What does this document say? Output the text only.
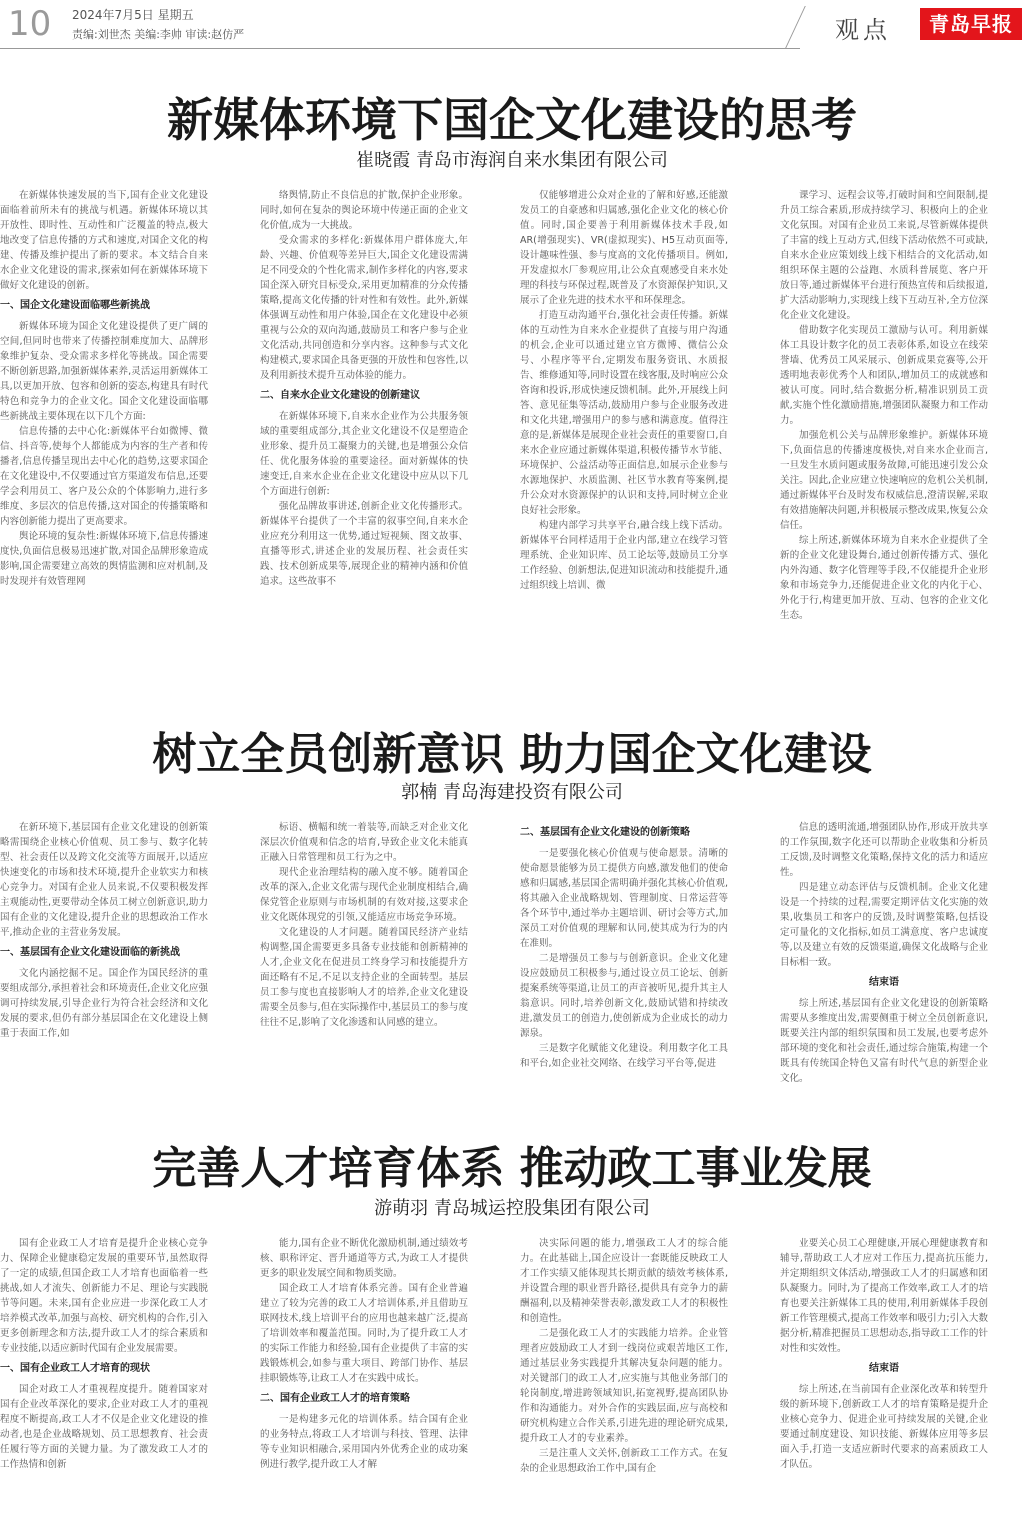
10 2024年7月5日 星期五
责编:刘世杰 美编:李帅 审读:赵仿严	观点	青岛早报
新媒体环境下国企文化建设的思考
崔晓霞 青岛市海润自来水集团有限公司

在新媒体快速发展的当下,国有企业文化建设面临着前所未有的挑战与机遇。新媒体环境以其开放性、即时性、互动性和广泛覆盖的特点,极大地改变了信息传播的方式和速度,对国企文化的构建、传播及维护提出了新的要求。本文结合自来水企业文化建设的需求,探索如何在新媒体环境下做好文化建设的创新。

一、国企文化建设面临哪些新挑战

新媒体环境为国企文化建设提供了更广阔的空间,但同时也带来了传播控制难度加大、品牌形象维护复杂、受众需求多样化等挑战。国企需要不断创新思路,加强新媒体素养,灵活运用新媒体工具,以更加开放、包容和创新的姿态,构建具有时代特色和竞争力的企业文化。国企文化建设面临哪些新挑战主要体现在以下几个方面:

信息传播的去中心化:新媒体平台如微博、微信、抖音等,使每个人都能成为内容的生产者和传播者,信息传播呈现出去中心化的趋势,这要求国企在文化建设中,不仅要通过官方渠道发布信息,还要学会利用员工、客户及公众的个体影响力,进行多维度、多层次的信息传播,这对国企的传播策略和内容创新能力提出了更高要求。

舆论环境的复杂性:新媒体环境下,信息传播速度快,负面信息极易迅速扩散,对国企品牌形象造成影响,国企需要建立高效的舆情监测和应对机制,及时发现并有效管理网

络舆情,防止不良信息的扩散,保护企业形象。同时,如何在复杂的舆论环境中传递正面的企业文化价值,成为一大挑战。

受众需求的多样化:新媒体用户群体庞大,年龄、兴趣、价值观等差异巨大,国企文化建设需满足不同受众的个性化需求,制作多样化的内容,要求国企深入研究目标受众,采用更加精准的分众传播策略,提高文化传播的针对性和有效性。此外,新媒体强调互动性和用户体验,国企在文化建设中必须重视与公众的双向沟通,鼓励员工和客户参与企业文化活动,共同创造和分享内容。这种参与式文化构建模式,要求国企具备更强的开放性和包容性,以及利用新技术提升互动体验的能力。

二、自来水企业文化建设的创新建议

在新媒体环境下,自来水企业作为公共服务领域的重要组成部分,其企业文化建设不仅是塑造企业形象、提升员工凝聚力的关键,也是增强公众信任、优化服务体验的重要途径。面对新媒体的快速变迁,自来水企业在企业文化建设中应从以下几个方面进行创新:

强化品牌故事讲述,创新企业文化传播形式。新媒体平台提供了一个丰富的叙事空间,自来水企业应充分利用这一优势,通过短视频、图文故事、直播等形式,讲述企业的发展历程、社会责任实践、技术创新成果等,展现企业的精神内涵和价值追求。这些故事不

仅能够增进公众对企业的了解和好感,还能激发员工的自豪感和归属感,强化企业文化的核心价值。同时,国企要善于利用新媒体技术手段,如AR(增强现实)、VR(虚拟现实)、H5互动页面等,设计趣味性强、参与度高的文化传播项目。例如,开发虚拟水厂参观应用,让公众直观感受自来水处理的科技与环保过程,既普及了水资源保护知识,又展示了企业先进的技术水平和环保理念。

打造互动沟通平台,强化社会责任传播。新媒体的互动性为自来水企业提供了直接与用户沟通的机会,企业可以通过建立官方微博、微信公众号、小程序等平台,定期发布服务资讯、水质报告、维修通知等,同时设置在线客服,及时响应公众咨询和投诉,形成快速反馈机制。此外,开展线上问答、意见征集等活动,鼓励用户参与企业服务改进和文化共建,增强用户的参与感和满意度。值得注意的是,新媒体是展现企业社会责任的重要窗口,自来水企业应通过新媒体渠道,积极传播节水节能、环境保护、公益活动等正面信息,如展示企业参与水源地保护、水质监测、社区节水教育等案例,提升公众对水资源保护的认识和支持,同时树立企业良好社会形象。

构建内部学习共享平台,融合线上线下活动。新媒体平台同样适用于企业内部,建立在线学习管理系统、企业知识库、员工论坛等,鼓励员工分享工作经验、创新想法,促进知识流动和技能提升,通过组织线上培训、微

课学习、远程会议等,打破时间和空间限制,提升员工综合素质,形成持续学习、积极向上的企业文化氛围。对国有企业员工来说,尽管新媒体提供了丰富的线上互动方式,但线下活动依然不可或缺,自来水企业应策划线上线下相结合的文化活动,如组织环保主题的公益跑、水质科普展览、客户开放日等,通过新媒体平台进行预热宣传和后续报道,扩大活动影响力,实现线上线下互动互补,全方位深化企业文化建设。

借助数字化实现员工激励与认可。利用新媒体工具设计数字化的员工表彰体系,如设立在线荣誉墙、优秀员工风采展示、创新成果竞赛等,公开透明地表彰优秀个人和团队,增加员工的成就感和被认可度。同时,结合数据分析,精准识别员工贡献,实施个性化激励措施,增强团队凝聚力和工作动力。

加强危机公关与品牌形象维护。新媒体环境下,负面信息的传播速度极快,对自来水企业而言,一旦发生水质问题或服务故障,可能迅速引发公众关注。因此,企业应建立快速响应的危机公关机制,通过新媒体平台及时发布权威信息,澄清误解,采取有效措施解决问题,并积极展示整改成果,恢复公众信任。

综上所述,新媒体环境为自来水企业提供了全新的企业文化建设舞台,通过创新传播方式、强化内外沟通、数字化管理等手段,不仅能提升企业形象和市场竞争力,还能促进企业文化的内化于心、外化于行,构建更加开放、互动、包容的企业文化生态。

树立全员创新意识 助力国企文化建设
郭楠 青岛海建投资有限公司

在新环境下,基层国有企业文化建设的创新策略需围绕企业核心价值观、员工参与、数字化转型、社会责任以及跨文化交流等方面展开,以适应快速变化的市场和技术环境,提升企业软实力和核心竞争力。对国有企业人员来说,不仅要积极发挥主观能动性,更要带动全体员工树立创新意识,助力国有企业的文化建设,提升企业的思想政治工作水平,推动企业的主营业务发展。

一、基层国有企业文化建设面临的新挑战

文化内涵挖掘不足。国企作为国民经济的重要组成部分,承担着社会和环境责任,企业文化应强调可持续发展,引导企业行为符合社会经济和文化发展的要求,但仍有部分基层国企在文化建设上侧重于表面工作,如

标语、横幅和统一着装等,而缺乏对企业文化深层次价值观和信念的培育,导致企业文化未能真正融入日常管理和员工行为之中。

现代企业治理结构的融入度不够。随着国企改革的深入,企业文化需与现代企业制度相结合,确保党管企业原则与市场机制的有效对接,这要求企业文化既体现党的引领,又能适应市场竞争环境。

文化建设的人才问题。随着国民经济产业结构调整,国企需要更多具备专业技能和创新精神的人才,企业文化在促进员工终身学习和技能提升方面还略有不足,不足以支持企业的全面转型。基层员工参与度也直接影响人才的培养,企业文化建设需要全员参与,但在实际操作中,基层员工的参与度往往不足,影响了文化渗透和认同感的建立。

二、基层国有企业文化建设的创新策略

一是要强化核心价值观与使命愿景。清晰的使命愿景能够为员工提供方向感,激发他们的使命感和归属感,基层国企需明确并强化其核心价值观,将其融入企业战略规划、管理制度、日常运营等各个环节中,通过举办主题培训、研讨会等方式,加深员工对价值观的理解和认同,使其成为行为的内在准则。

二是增强员工参与与创新意识。企业文化建设应鼓励员工积极参与,通过设立员工论坛、创新提案系统等渠道,让员工的声音被听见,提升其主人翁意识。同时,培养创新文化,鼓励试错和持续改进,激发员工的创造力,使创新成为企业成长的动力源泉。

三是数字化赋能文化建设。利用数字化工具和平台,如企业社交网络、在线学习平台等,促进

信息的透明流通,增强团队协作,形成开放共享的工作氛围,数字化还可以帮助企业收集和分析员工反馈,及时调整文化策略,保持文化的活力和适应性。

四是建立动态评估与反馈机制。企业文化建设是一个持续的过程,需要定期评估文化实施的效果,收集员工和客户的反馈,及时调整策略,包括设定可量化的文化指标,如员工满意度、客户忠诚度等,以及建立有效的反馈渠道,确保文化战略与企业目标相一致。

结束语

综上所述,基层国有企业文化建设的创新策略需要从多维度出发,需要侧重于树立全员创新意识,既要关注内部的组织氛围和员工发展,也要考虑外部环境的变化和社会责任,通过综合施策,构建一个既具有传统国企特色又富有时代气息的新型企业文化。

完善人才培育体系 推动政工事业发展
游萌羽 青岛城运控股集团有限公司

国有企业政工人才培育是提升企业核心竞争力、保障企业健康稳定发展的重要环节,虽然取得了一定的成绩,但国企政工人才培育也面临着一些挑战,如人才流失、创新能力不足、理论与实践脱节等问题。未来,国有企业应进一步深化政工人才培养模式改革,加强与高校、研究机构的合作,引入更多创新理念和方法,提升政工人才的综合素质和专业技能,以适应新时代国有企业发展需要。

一、国有企业政工人才培育的现状

国企对政工人才重视程度提升。随着国家对国有企业改革深化的要求,企业对政工人才的重视程度不断提高,政工人才不仅是企业文化建设的推动者,也是企业战略规划、员工思想教育、社会责任履行等方面的关键力量。为了激发政工人才的工作热情和创新

能力,国有企业不断优化激励机制,通过绩效考核、职称评定、晋升通道等方式,为政工人才提供更多的职业发展空间和物质奖励。

国企政工人才培育体系完善。国有企业普遍建立了较为完善的政工人才培训体系,并且借助互联网技术,线上培训平台的应用也越来越广泛,提高了培训效率和覆盖范围。同时,为了提升政工人才的实际工作能力和经验,国有企业提供了丰富的实践锻炼机会,如参与重大项目、跨部门协作、基层挂职锻炼等,让政工人才在实践中成长。

二、国有企业政工人才的培育策略

一是构建多元化的培训体系。结合国有企业的业务特点,将政工人才培训与科技、管理、法律等专业知识相融合,采用国内外优秀企业的成功案例进行教学,提升政工人才解

决实际问题的能力,增强政工人才的综合能力。在此基础上,国企应设计一套既能反映政工人才工作实绩又能体现其长期贡献的绩效考核体系,并设置合理的职业晋升路径,提供具有竞争力的薪酬福利,以及精神荣誉表彰,激发政工人才的积极性和创造性。

二是强化政工人才的实践能力培养。企业管理者应鼓励政工人才到一线岗位或艰苦地区工作,通过基层业务实践提升其解决复杂问题的能力。对关键部门的政工人才,应实施与其他业务部门的轮岗制度,增进跨领域知识,拓宽视野,提高团队协作和沟通能力。对外合作的实践层面,应与高校和研究机构建立合作关系,引进先进的理论研究成果,提升政工人才的专业素养。

三是注重人文关怀,创新政工工作方式。在复杂的企业思想政治工作中,国有企

业要关心员工心理健康,开展心理健康教育和辅导,帮助政工人才应对工作压力,提高抗压能力,并定期组织文体活动,增强政工人才的归属感和团队凝聚力。同时,为了提高工作效率,政工人才的培育也要关注新媒体工具的使用,利用新媒体手段创新工作管理模式,提高工作效率和吸引力;引入大数据分析,精准把握员工思想动态,指导政工工作的针对性和实效性。

结束语

综上所述,在当前国有企业深化改革和转型升级的新环境下,创新政工人才的培育策略是提升企业核心竞争力、促进企业可持续发展的关键,企业要通过制度建设、知识技能、新媒体应用等多层面入手,打造一支适应新时代要求的高素质政工人才队伍。
